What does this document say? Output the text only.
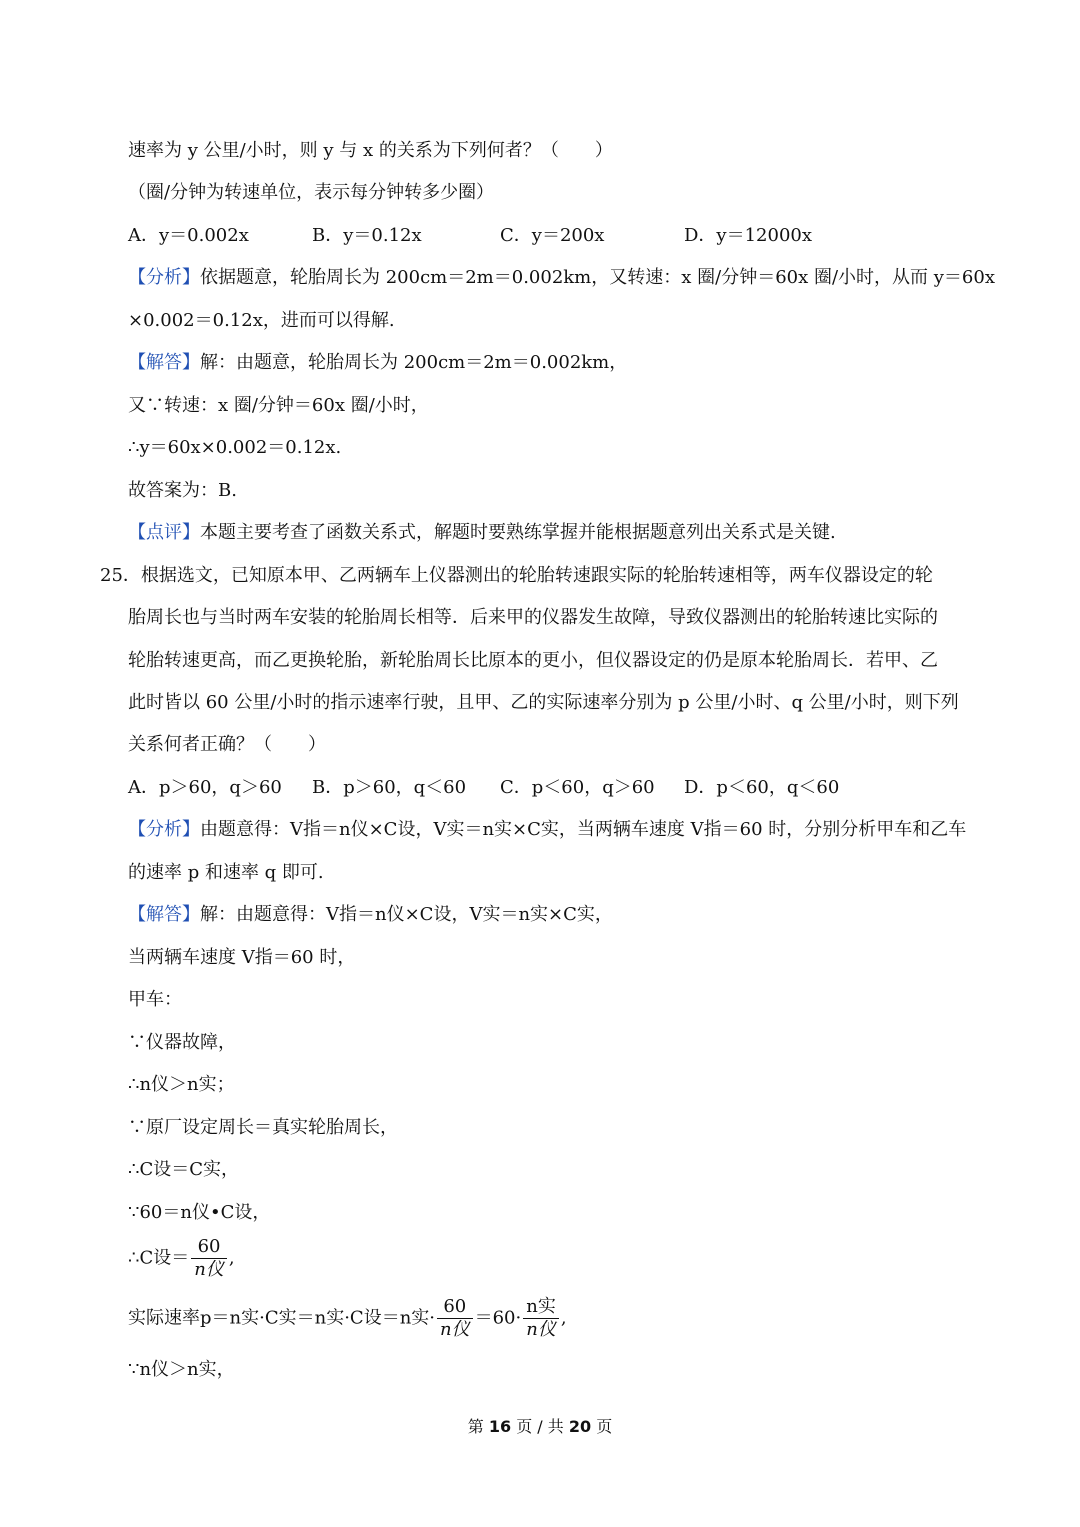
速率为 y 公里/小时，则 y 与 x 的关系为下列何者？（　　）
（圈/分钟为转速单位，表示每分钟转多少圈）
A．y＝0.002x	B．y＝0.12x	C．y＝200x	D．y＝12000x
【分析】依据题意，轮胎周长为 200cm＝2m＝0.002km，又转速：x 圈/分钟＝60x 圈/小时，从而 y＝60x
×0.002＝0.12x，进而可以得解.
【解答】解：由题意，轮胎周长为 200cm＝2m＝0.002km，
又∵转速：x 圈/分钟＝60x 圈/小时，
∴y＝60x×0.002＝0.12x.
故答案为：B.
【点评】本题主要考查了函数关系式，解题时要熟练掌握并能根据题意列出关系式是关键.
25．根据选文，已知原本甲、乙两辆车上仪器测出的轮胎转速跟实际的轮胎转速相等，两车仪器设定的轮
胎周长也与当时两车安装的轮胎周长相等．后来甲的仪器发生故障，导致仪器测出的轮胎转速比实际的
轮胎转速更高，而乙更换轮胎，新轮胎周长比原本的更小，但仪器设定的仍是原本轮胎周长．若甲、乙
此时皆以 60 公里/小时的指示速率行驶，且甲、乙的实际速率分别为 p 公里/小时、q 公里/小时，则下列
关系何者正确？（　　）
A．p＞60，q＞60 B．p＞60，q＜60 C．p＜60，q＞60 D．p＜60，q＜60
【分析】由题意得：V指＝n仪×C设，V实＝n实×C实，当两辆车速度 V指＝60 时，分别分析甲车和乙车
的速率 p 和速率 q 即可.
【解答】解：由题意得：V指＝n仪×C设，V实＝n实×C实，
当两辆车速度 V指＝60 时，
甲车：
∵仪器故障，
∴n仪＞n实；
∵原厂设定周长＝真实轮胎周长，
∴C设＝C实，
∵60＝n仪•C设，
∴C设＝ $\frac{60}{\text{n仪}}$ ,
实际速率p＝n实·C实＝n实·C设＝n实· $\frac{60}{\text{n仪}} =60\cdot \frac{\text{n实}}{\text{n仪}}$ ,
∵n仪＞n实，
第 16 页 / 共 20 页
